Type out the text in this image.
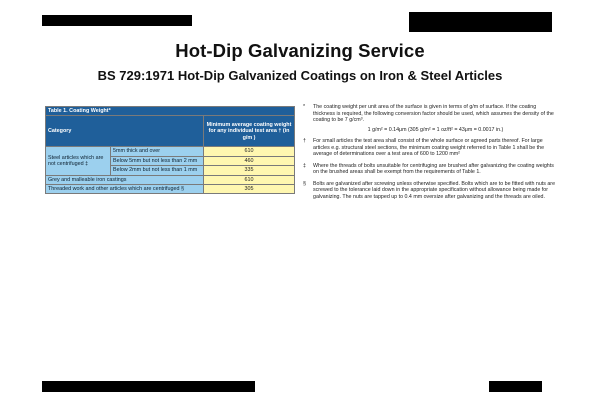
Hot-Dip Galvanizing Service
BS 729:1971 Hot-Dip Galvanized Coatings on Iron & Steel Articles
Table 1. Coating Weight*		
Category		Minimum average coating weight for any individual test area † (in g/m )
Steel articles which are not centrifuged ‡	5mm thick and over	610
	Below 5mm but not less than 2 mm	460
	Below 2mm but not less than 1 mm	335
Grey and malleable iron castings		610
Threaded work and other articles which are centrifuged §		305
*	The coating weight per unit area of the surface is given in terms of g/m of surface. If the coating thickness is required, the following conversion factor should be used, which assumes the density of the coating to be 7 g/cm³.
1 g/m² = 0.14μm (305 g/m² = 1 oz/ft² = 43μm = 0.0017 in.)
†	For small articles the test area shall consist of the whole surface or agreed parts thereof. For large articles e.g. structural steel sections, the minimum coating weight referred to in Table 1 shall be the average of determinations over a test area of 600 to 1200 mm²
‡	Where the threads of bolts unsuitable for centrifuging are brushed after galvanizing the coating weights on the brushed areas shall be exempt from the requirements of Table 1.
§	Bolts are galvanized after screwing unless otherwise specified. Bolts which are to be fitted with nuts are screwed to the tolerance laid down in the appropriate specification without allowance being made for galvanizing. The nuts are tapped up to 0.4 mm oversize after galvanizing and the threads are oiled.
